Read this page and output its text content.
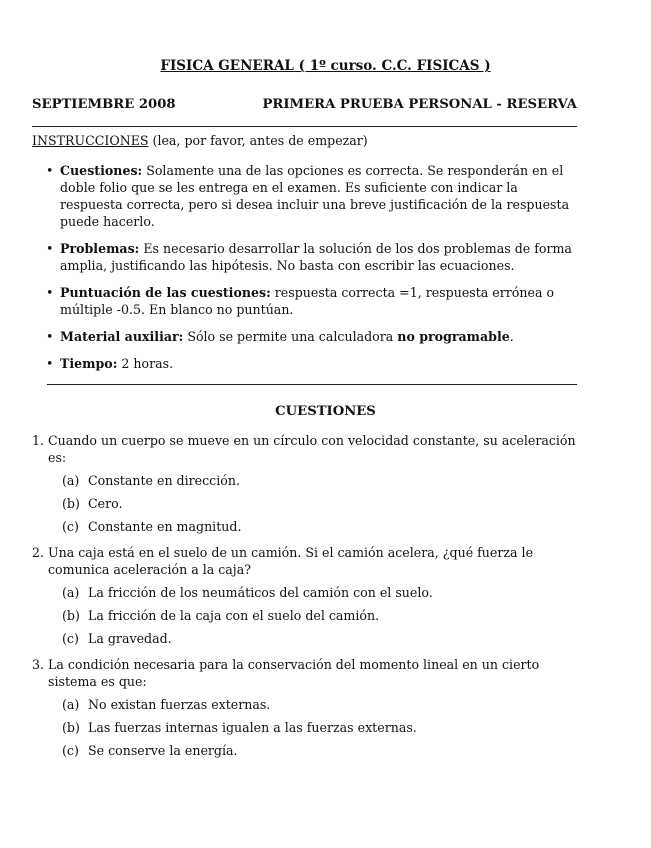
FISICA GENERAL ( 1º curso. C.C. FISICAS )
SEPTIEMBRE 2008	PRIMERA PRUEBA PERSONAL - RESERVA
INSTRUCCIONES (lea, por favor, antes de empezar)
• Cuestiones: Solamente una de las opciones es correcta. Se responderán en el doble folio que se les entrega en el examen. Es suficiente con indicar la respuesta correcta, pero si desea incluir una breve justificación de la respuesta puede hacerlo.
• Problemas: Es necesario desarrollar la solución de los dos problemas de forma amplia, justificando las hipótesis. No basta con escribir las ecuaciones.
• Puntuación de las cuestiones: respuesta correcta =1, respuesta errónea o múltiple -0.5. En blanco no puntúan.
• Material auxiliar: Sólo se permite una calculadora no programable.
• Tiempo: 2 horas.
CUESTIONES
1. Cuando un cuerpo se mueve en un círculo con velocidad constante, su aceleración es:
(a) Constante en dirección.
(b) Cero.
(c) Constante en magnitud.
2. Una caja está en el suelo de un camión. Si el camión acelera, ¿qué fuerza le comunica aceleración a la caja?
(a) La fricción de los neumáticos del camión con el suelo.
(b) La fricción de la caja con el suelo del camión.
(c) La gravedad.
3. La condición necesaria para la conservación del momento lineal en un cierto sistema es que:
(a) No existan fuerzas externas.
(b) Las fuerzas internas igualen a las fuerzas externas.
(c) Se conserve la energía.
